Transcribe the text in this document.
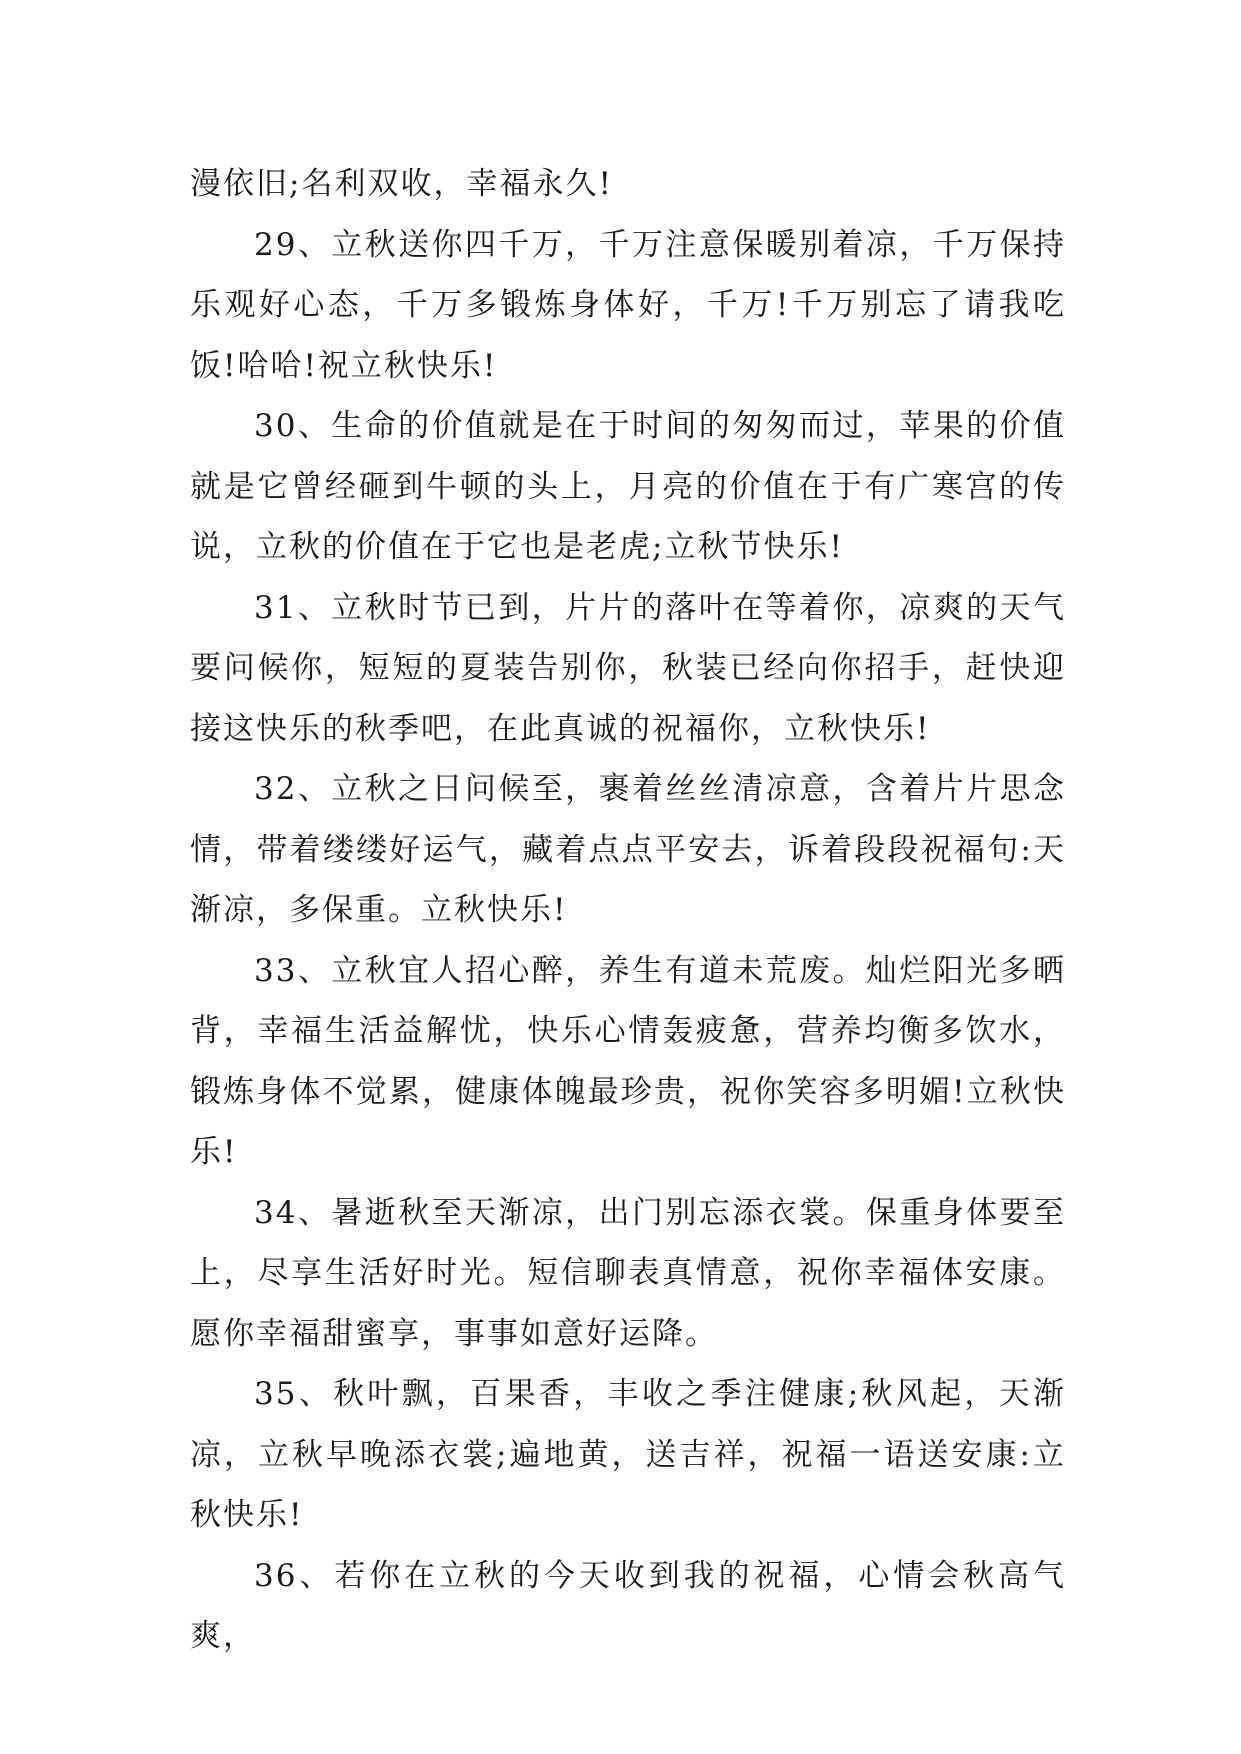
漫依旧;名利双收，幸福永久!

29、立秋送你四千万，千万注意保暖别着凉，千万保持乐观好心态，千万多锻炼身体好，千万!千万别忘了请我吃饭!哈哈!祝立秋快乐!

30、生命的价值就是在于时间的匆匆而过，苹果的价值就是它曾经砸到牛顿的头上，月亮的价值在于有广寒宫的传说，立秋的价值在于它也是老虎;立秋节快乐!

31、立秋时节已到，片片的落叶在等着你，凉爽的天气要问候你，短短的夏装告别你，秋装已经向你招手，赶快迎接这快乐的秋季吧，在此真诚的祝福你，立秋快乐!

32、立秋之日问候至，裹着丝丝清凉意，含着片片思念情，带着缕缕好运气，藏着点点平安去，诉着段段祝福句:天渐凉，多保重。立秋快乐!

33、立秋宜人招心醉，养生有道未荒废。灿烂阳光多晒背，幸福生活益解忧，快乐心情轰疲惫，营养均衡多饮水，锻炼身体不觉累，健康体魄最珍贵，祝你笑容多明媚!立秋快乐!

34、暑逝秋至天渐凉，出门别忘添衣裳。保重身体要至上，尽享生活好时光。短信聊表真情意，祝你幸福体安康。愿你幸福甜蜜享，事事如意好运降。

35、秋叶飘，百果香，丰收之季注健康;秋风起，天渐凉，立秋早晚添衣裳;遍地黄，送吉祥，祝福一语送安康:立秋快乐!

36、若你在立秋的今天收到我的祝福，心情会秋高气爽，
